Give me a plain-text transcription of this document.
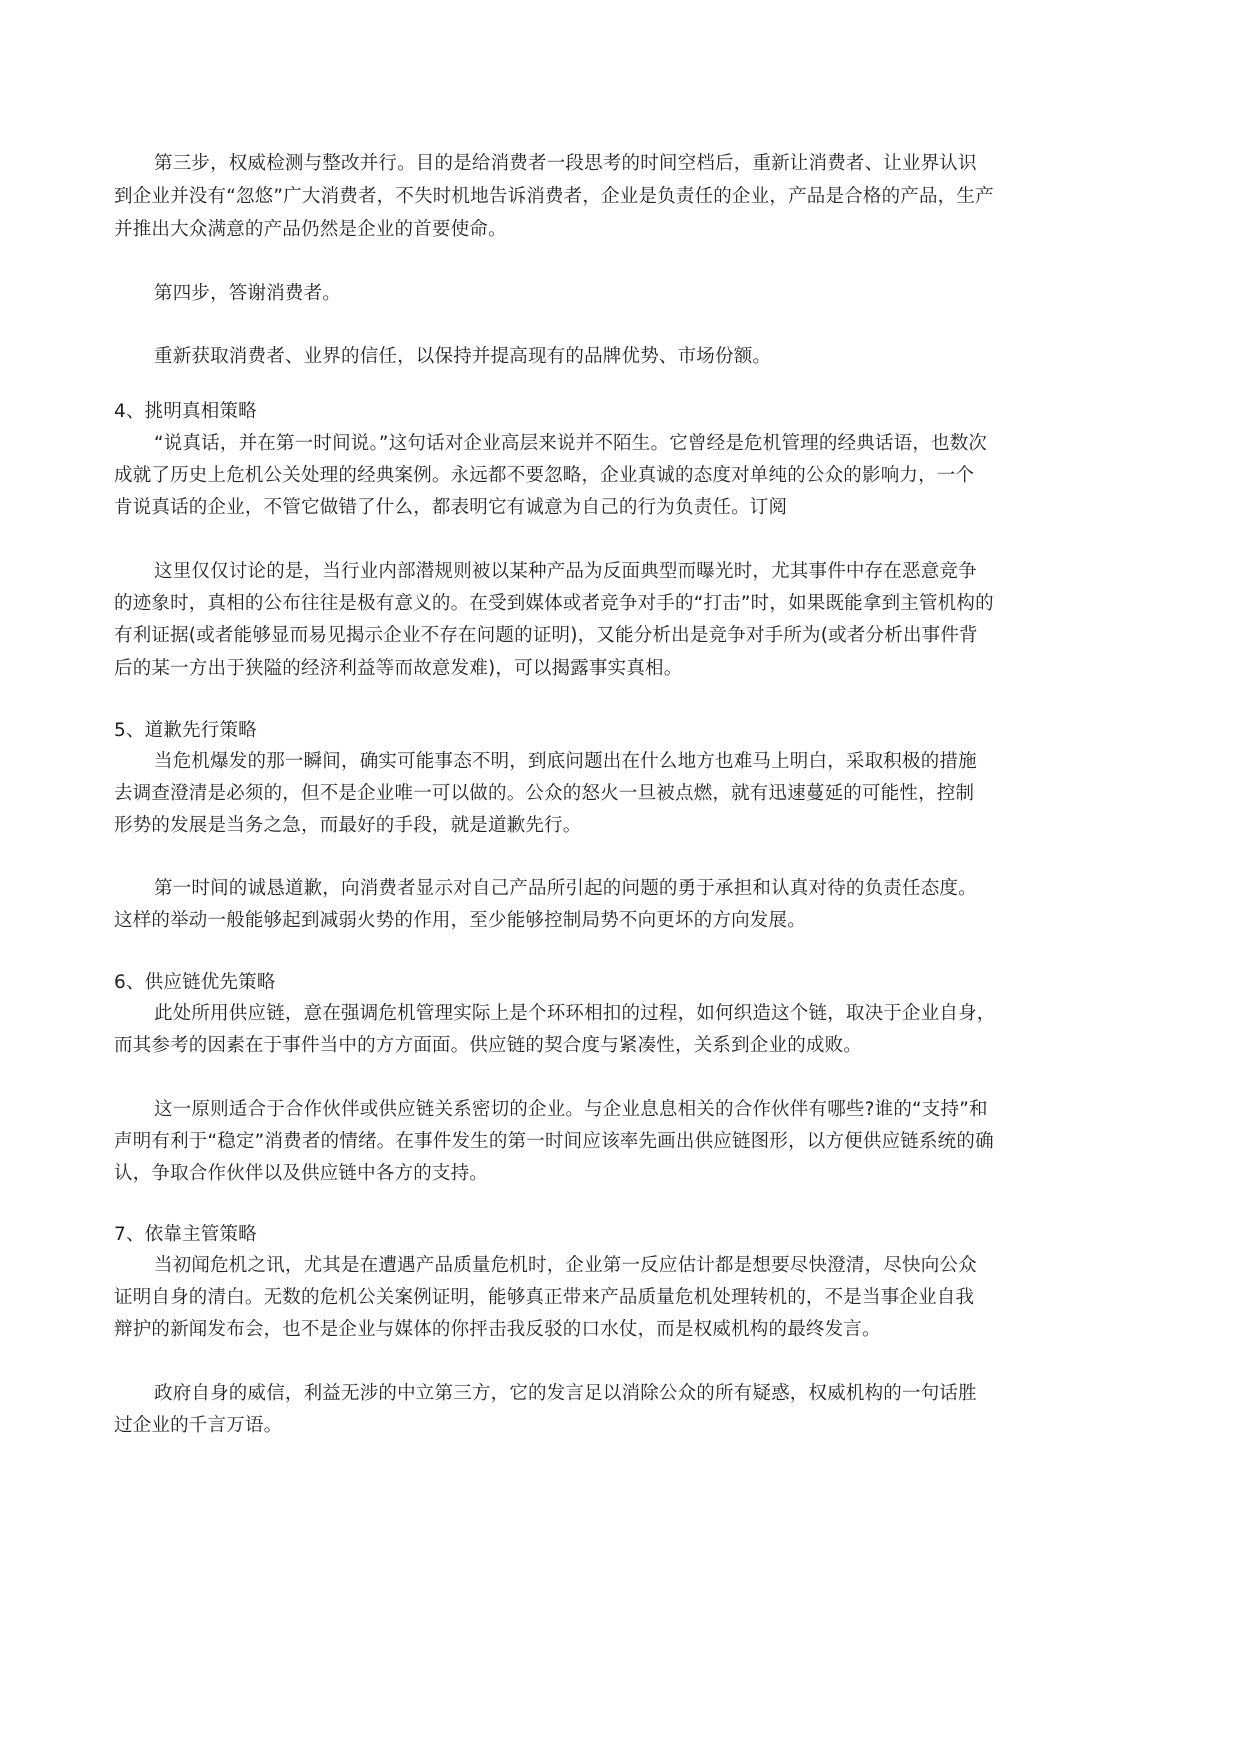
第三步，权威检测与整改并行。目的是给消费者一段思考的时间空档后，重新让消费者、让业界认识
到企业并没有“忽悠”广大消费者，不失时机地告诉消费者，企业是负责任的企业，产品是合格的产品，生产
并推出大众满意的产品仍然是企业的首要使命。
第四步，答谢消费者。
重新获取消费者、业界的信任，以保持并提高现有的品牌优势、市场份额。
4、挑明真相策略
“说真话，并在第一时间说。”这句话对企业高层来说并不陌生。它曾经是危机管理的经典话语，也数次
成就了历史上危机公关处理的经典案例。永远都不要忽略，企业真诚的态度对单纯的公众的影响力，一个
肯说真话的企业，不管它做错了什么，都表明它有诚意为自己的行为负责任。订阅
这里仅仅讨论的是，当行业内部潜规则被以某种产品为反面典型而曝光时，尤其事件中存在恶意竞争
的迹象时，真相的公布往往是极有意义的。在受到媒体或者竞争对手的“打击”时，如果既能拿到主管机构的
有利证据(或者能够显而易见揭示企业不存在问题的证明)，又能分析出是竞争对手所为(或者分析出事件背
后的某一方出于狭隘的经济利益等而故意发难)，可以揭露事实真相。
5、道歉先行策略
当危机爆发的那一瞬间，确实可能事态不明，到底问题出在什么地方也难马上明白，采取积极的措施
去调查澄清是必须的，但不是企业唯一可以做的。公众的怒火一旦被点燃，就有迅速蔓延的可能性，控制
形势的发展是当务之急，而最好的手段，就是道歉先行。
第一时间的诚恳道歉，向消费者显示对自己产品所引起的问题的勇于承担和认真对待的负责任态度。
这样的举动一般能够起到减弱火势的作用，至少能够控制局势不向更坏的方向发展。
6、供应链优先策略
此处所用供应链，意在强调危机管理实际上是个环环相扣的过程，如何织造这个链，取决于企业自身，
而其参考的因素在于事件当中的方方面面。供应链的契合度与紧凑性，关系到企业的成败。
这一原则适合于合作伙伴或供应链关系密切的企业。与企业息息相关的合作伙伴有哪些?谁的“支持”和
声明有利于“稳定”消费者的情绪。在事件发生的第一时间应该率先画出供应链图形，以方便供应链系统的确
认，争取合作伙伴以及供应链中各方的支持。
7、依靠主管策略
当初闻危机之讯，尤其是在遭遇产品质量危机时，企业第一反应估计都是想要尽快澄清，尽快向公众
证明自身的清白。无数的危机公关案例证明，能够真正带来产品质量危机处理转机的，不是当事企业自我
辩护的新闻发布会，也不是企业与媒体的你抨击我反驳的口水仗，而是权威机构的最终发言。
政府自身的威信，利益无涉的中立第三方，它的发言足以消除公众的所有疑惑，权威机构的一句话胜
过企业的千言万语。
